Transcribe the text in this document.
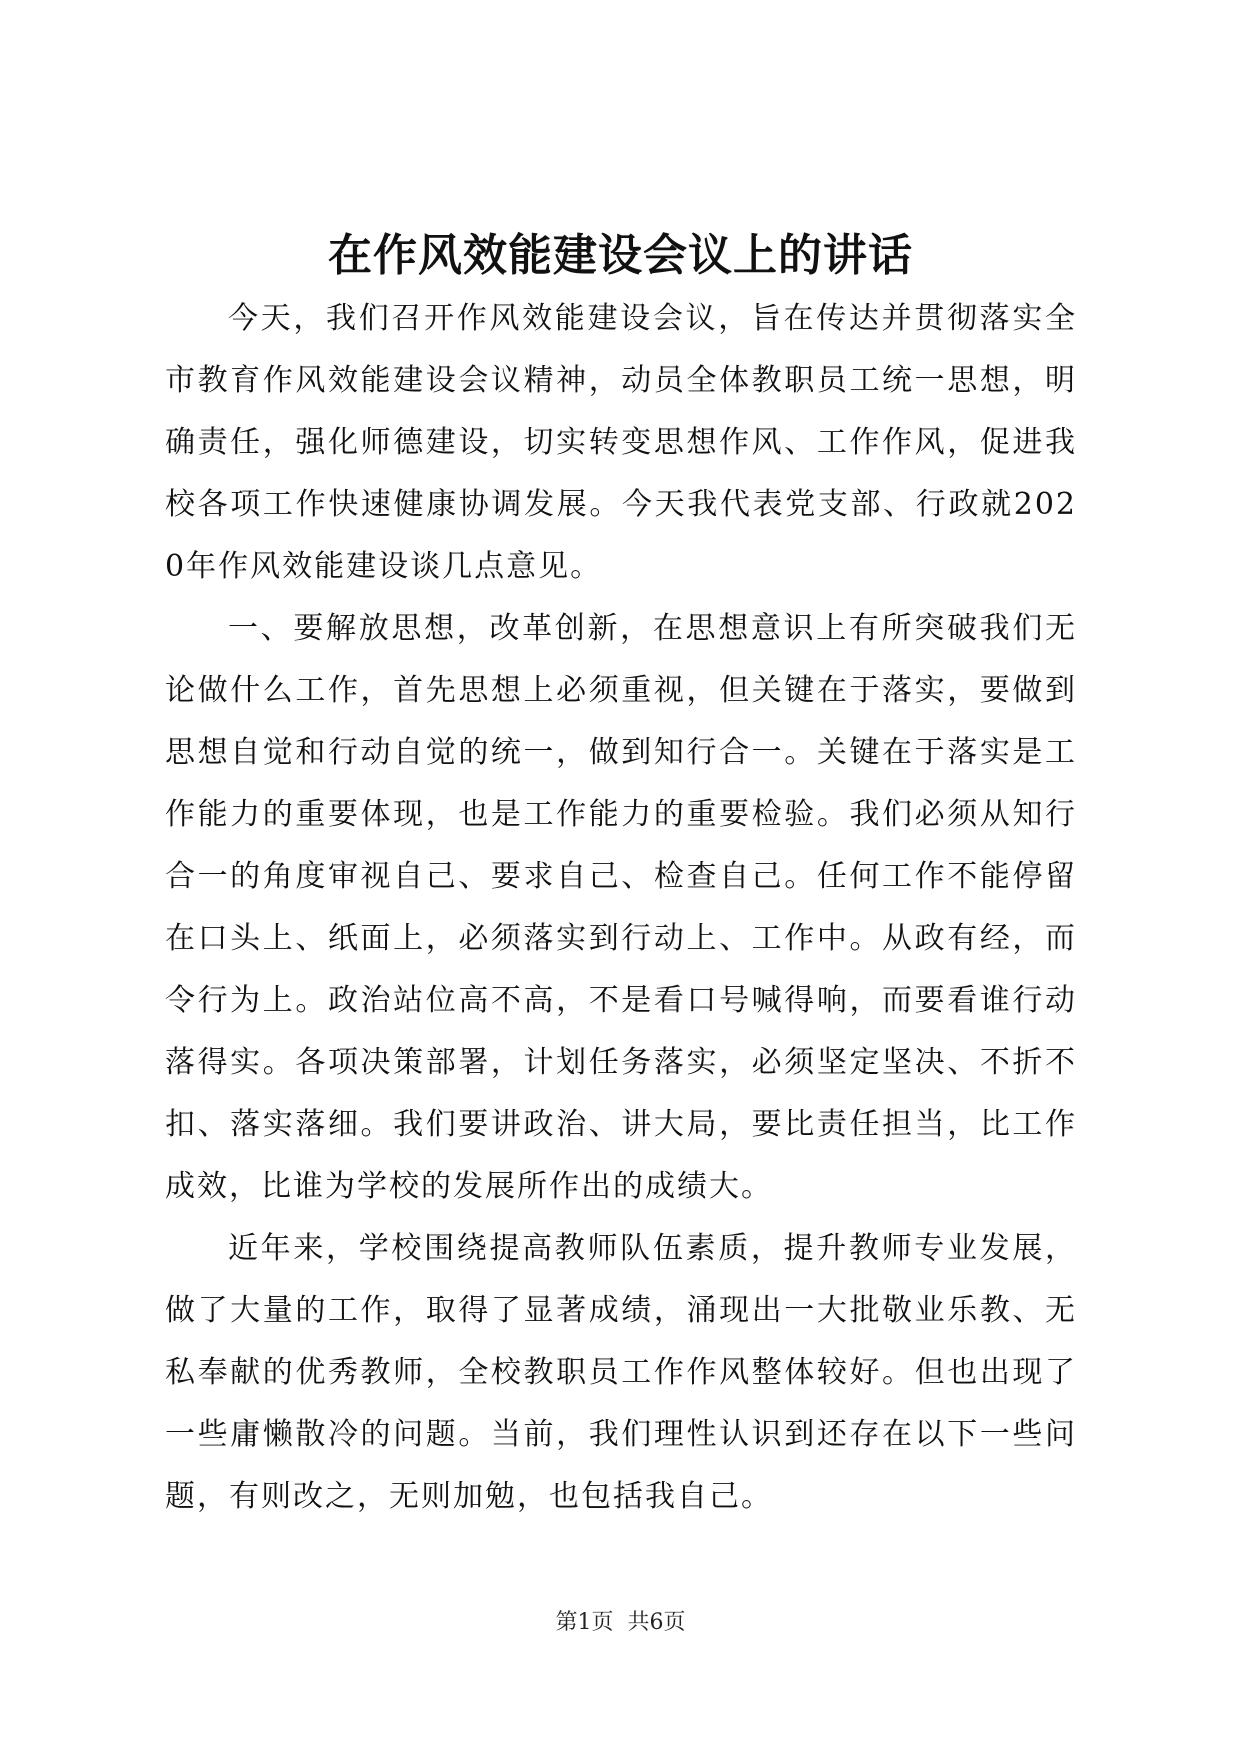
在作风效能建设会议上的讲话

今天，我们召开作风效能建设会议，旨在传达并贯彻落实全市教育作风效能建设会议精神，动员全体教职员工统一思想，明确责任，强化师德建设，切实转变思想作风、工作作风，促进我校各项工作快速健康协调发展。今天我代表党支部、行政就2020年作风效能建设谈几点意见。

一、要解放思想，改革创新，在思想意识上有所突破我们无论做什么工作，首先思想上必须重视，但关键在于落实，要做到思想自觉和行动自觉的统一，做到知行合一。关键在于落实是工作能力的重要体现，也是工作能力的重要检验。我们必须从知行合一的角度审视自己、要求自己、检查自己。任何工作不能停留在口头上、纸面上，必须落实到行动上、工作中。从政有经，而令行为上。政治站位高不高，不是看口号喊得响，而要看谁行动落得实。各项决策部署，计划任务落实，必须坚定坚决、不折不扣、落实落细。我们要讲政治、讲大局，要比责任担当，比工作成效，比谁为学校的发展所作出的成绩大。

近年来，学校围绕提高教师队伍素质，提升教师专业发展，做了大量的工作，取得了显著成绩，涌现出一大批敬业乐教、无私奉献的优秀教师，全校教职员工作作风整体较好。但也出现了一些庸懒散冷的问题。当前，我们理性认识到还存在以下一些问题，有则改之，无则加勉，也包括我自己。

第1页 共6页
